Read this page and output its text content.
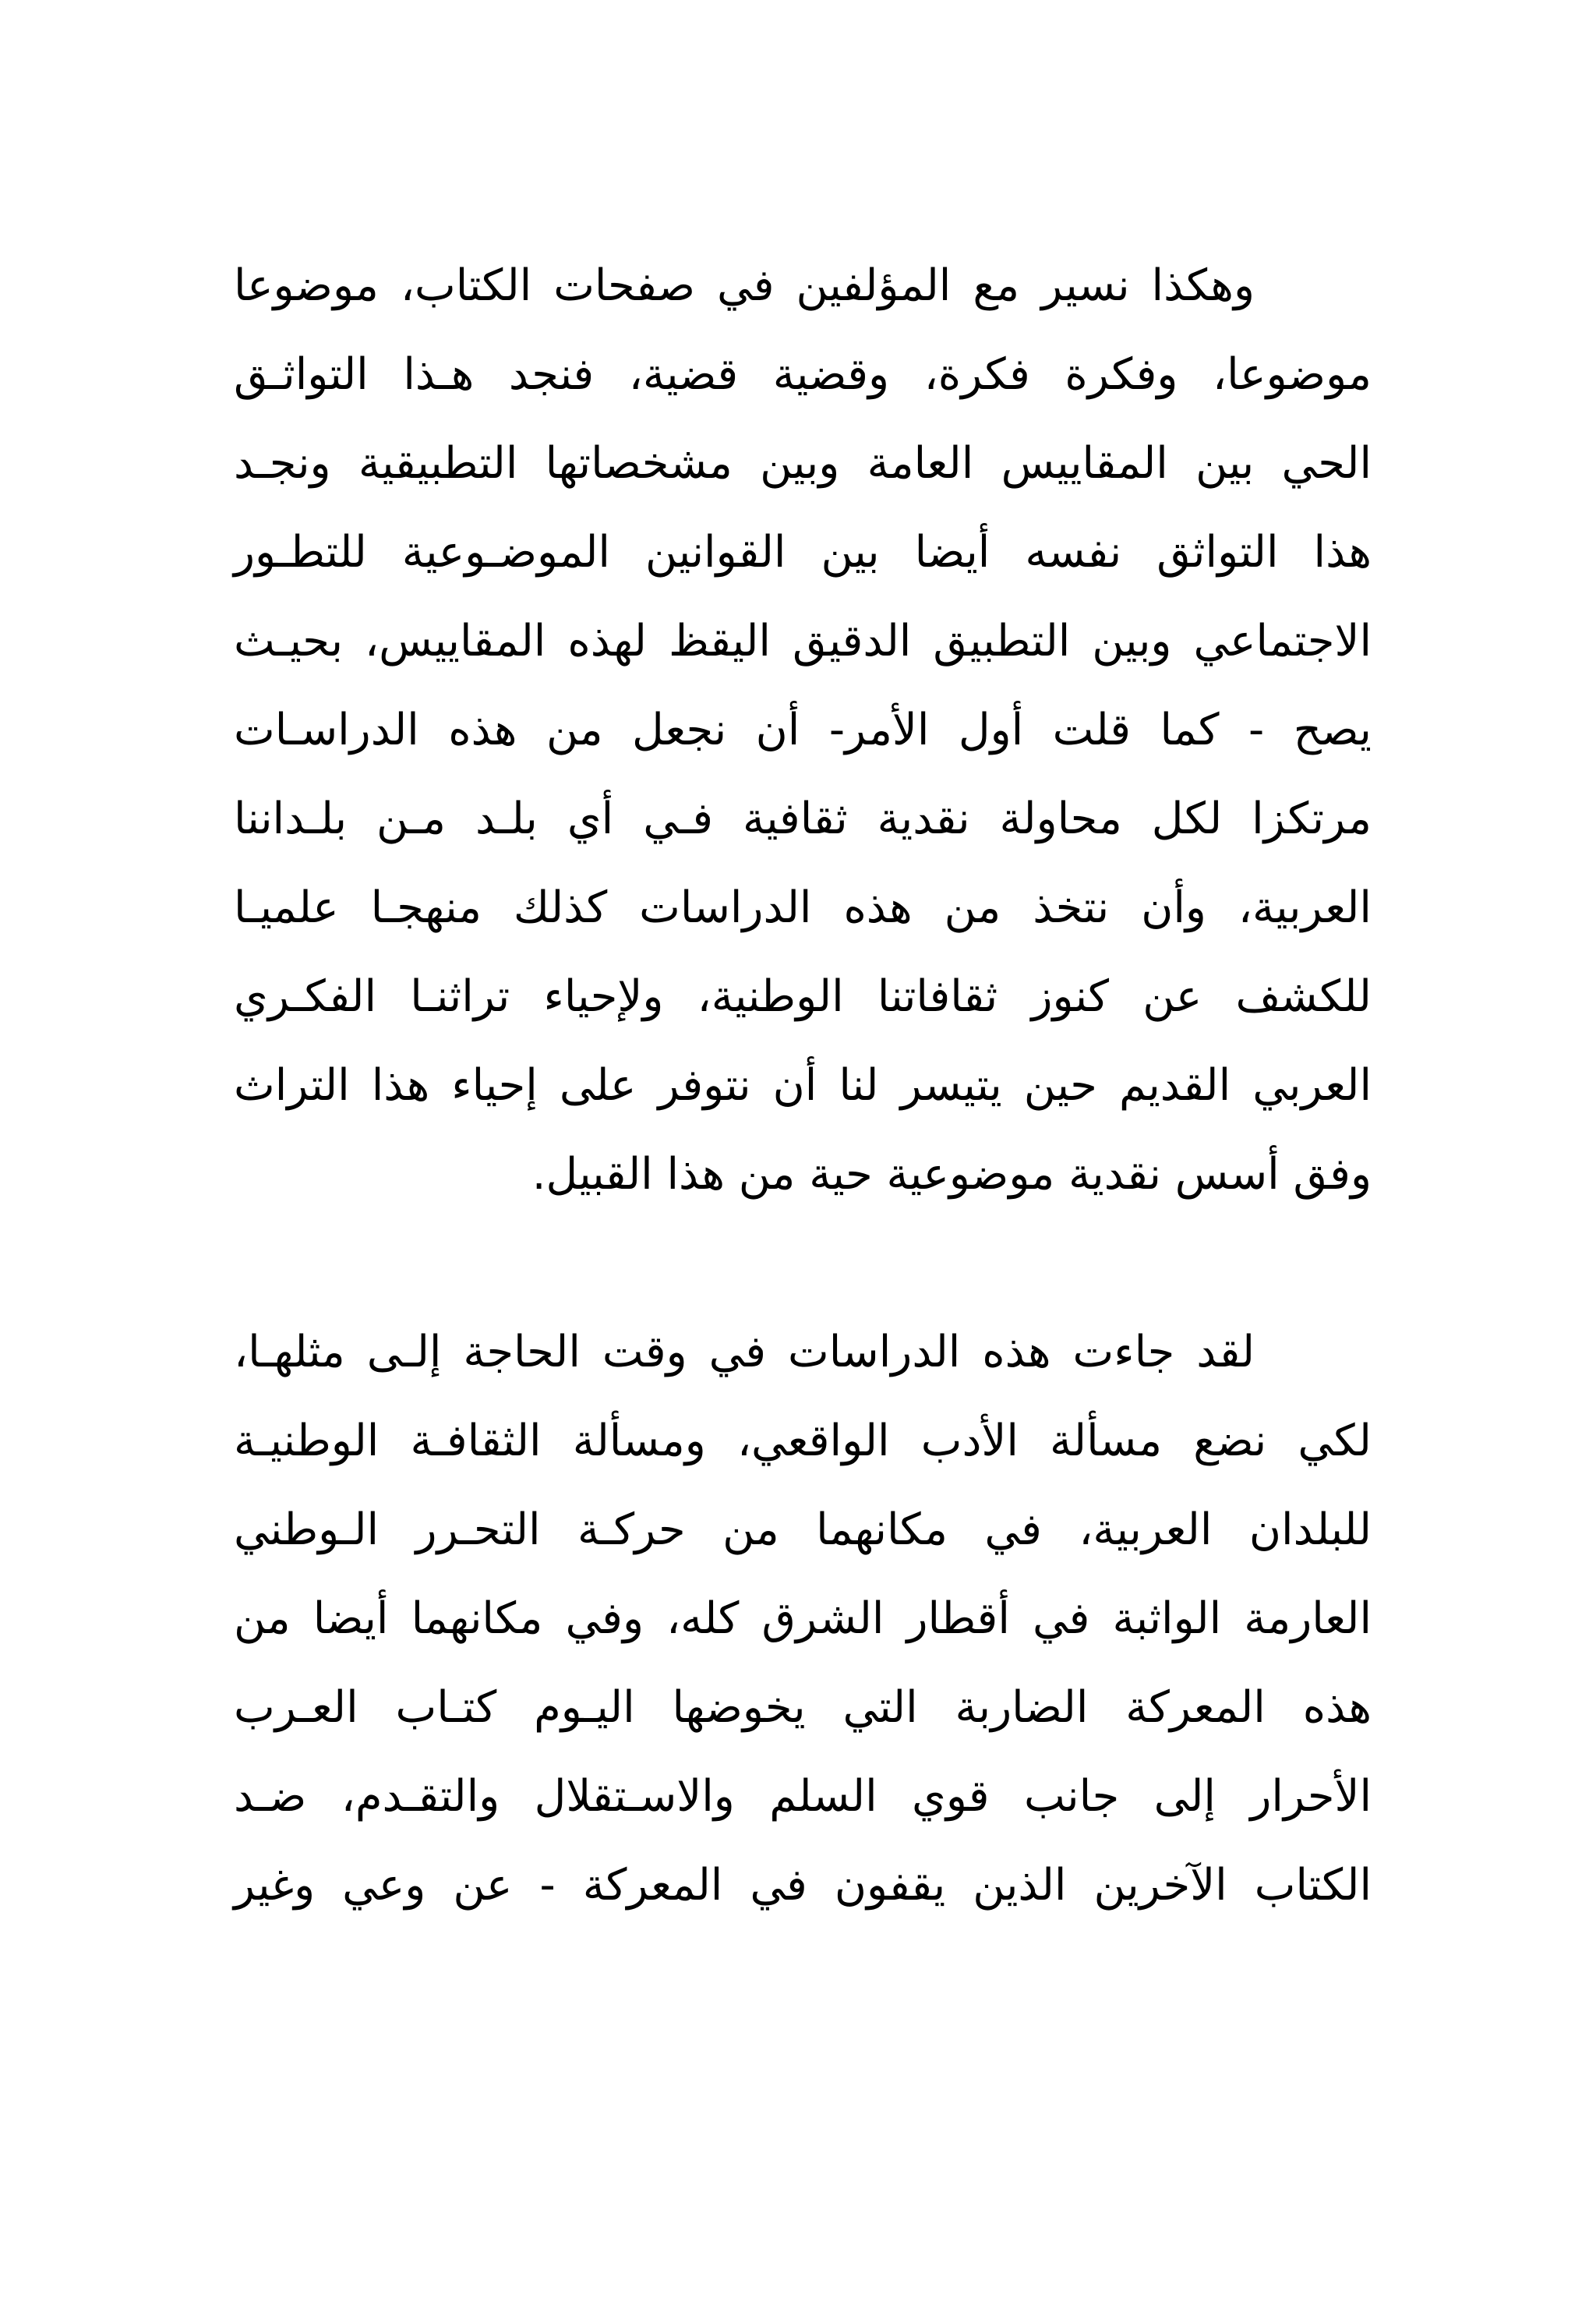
وهكذا نسير مع المؤلفين في صفحات الكتاب، موضوعا
موضوعا، وفكرة فكرة، وقضية قضية، فنجد هـذا التواثـق
الحي بين المقاييس العامة وبين مشخصاتها التطبيقية ونجـد
هذا التواثق نفسه أيضا بين القوانين الموضـوعية للتطـور
الاجتماعي وبين التطبيق الدقيق اليقظ لهذه المقاييس، بحيـث
يصح - كما قلت أول الأمر- أن نجعل من هذه الدراسـات
مرتكزا لكل محاولة نقدية ثقافية فـي أي بلـد مـن بلـداننا
العربية، وأن نتخذ من هذه الدراسات كذلك منهجـا علميـا
للكشف عن كنوز ثقافاتنا الوطنية، ولإحياء تراثنـا الفكـري
العربي القديم حين يتيسر لنا أن نتوفر على إحياء هذا التراث
وفق أسس نقدية موضوعية حية من هذا القبيل.
لقد جاءت هذه الدراسات في وقت الحاجة إلـى مثلهـا،
لكي نضع مسألة الأدب الواقعي، ومسألة الثقافـة الوطنيـة
للبلدان العربية، في مكانهما من حركـة التحـرر الـوطني
العارمة الواثبة في أقطار الشرق كله، وفي مكانهما أيضا من
هذه المعركة الضاربة التي يخوضها اليـوم كتـاب العـرب
الأحرار إلى جانب قوي السلم والاسـتقلال والتقـدم، ضـد
الكتاب الآخرين الذين يقفون في المعركة - عن وعي وغير
